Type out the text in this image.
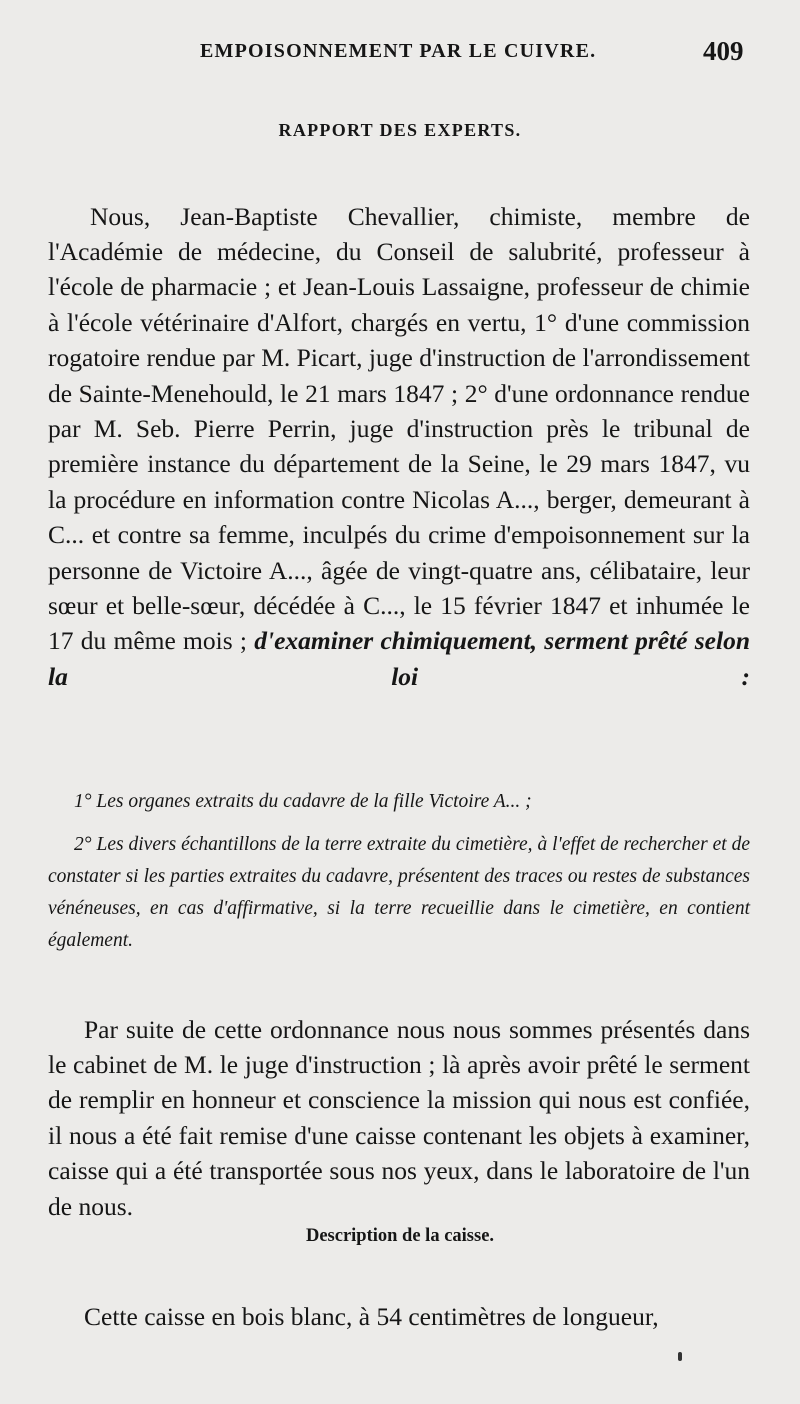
EMPOISONNEMENT PAR LE CUIVRE.	409
RAPPORT DES EXPERTS.

Nous, Jean-Baptiste Chevallier, chimiste, membre de l'Académie de médecine, du Conseil de salubrité, professeur à l'école de pharmacie ; et Jean-Louis Lassaigne, professeur de chimie à l'école vétérinaire d'Alfort, chargés en vertu, 1° d'une commission rogatoire rendue par M. Picart, juge d'instruction de l'arrondissement de Sainte-Menehould, le 21 mars 1847 ; 2° d'une ordonnance rendue par M. Seb. Pierre Perrin, juge d'instruction près le tribunal de première instance du département de la Seine, le 29 mars 1847, vu la procédure en information contre Nicolas A..., berger, demeurant à C... et contre sa femme, inculpés du crime d'empoisonnement sur la personne de Victoire A..., âgée de vingt-quatre ans, célibataire, leur sœur et belle-sœur, décédée à C..., le 15 février 1847 et inhumée le 17 du même mois ; d'examiner chimiquement, serment prêté selon la loi :

1° Les organes extraits du cadavre de la fille Victoire A... ;

2° Les divers échantillons de la terre extraite du cimetière, à l'effet de rechercher et de constater si les parties extraites du cadavre, présentent des traces ou restes de substances vénéneuses, en cas d'affirmative, si la terre recueillie dans le cimetière, en contient également.

Par suite de cette ordonnance nous nous sommes présentés dans le cabinet de M. le juge d'instruction ; là après avoir prêté le serment de remplir en honneur et conscience la mission qui nous est confiée, il nous a été fait remise d'une caisse contenant les objets à examiner, caisse qui a été transportée sous nos yeux, dans le laboratoire de l'un de nous.

Description de la caisse.

Cette caisse en bois blanc, à 54 centimètres de longueur,
